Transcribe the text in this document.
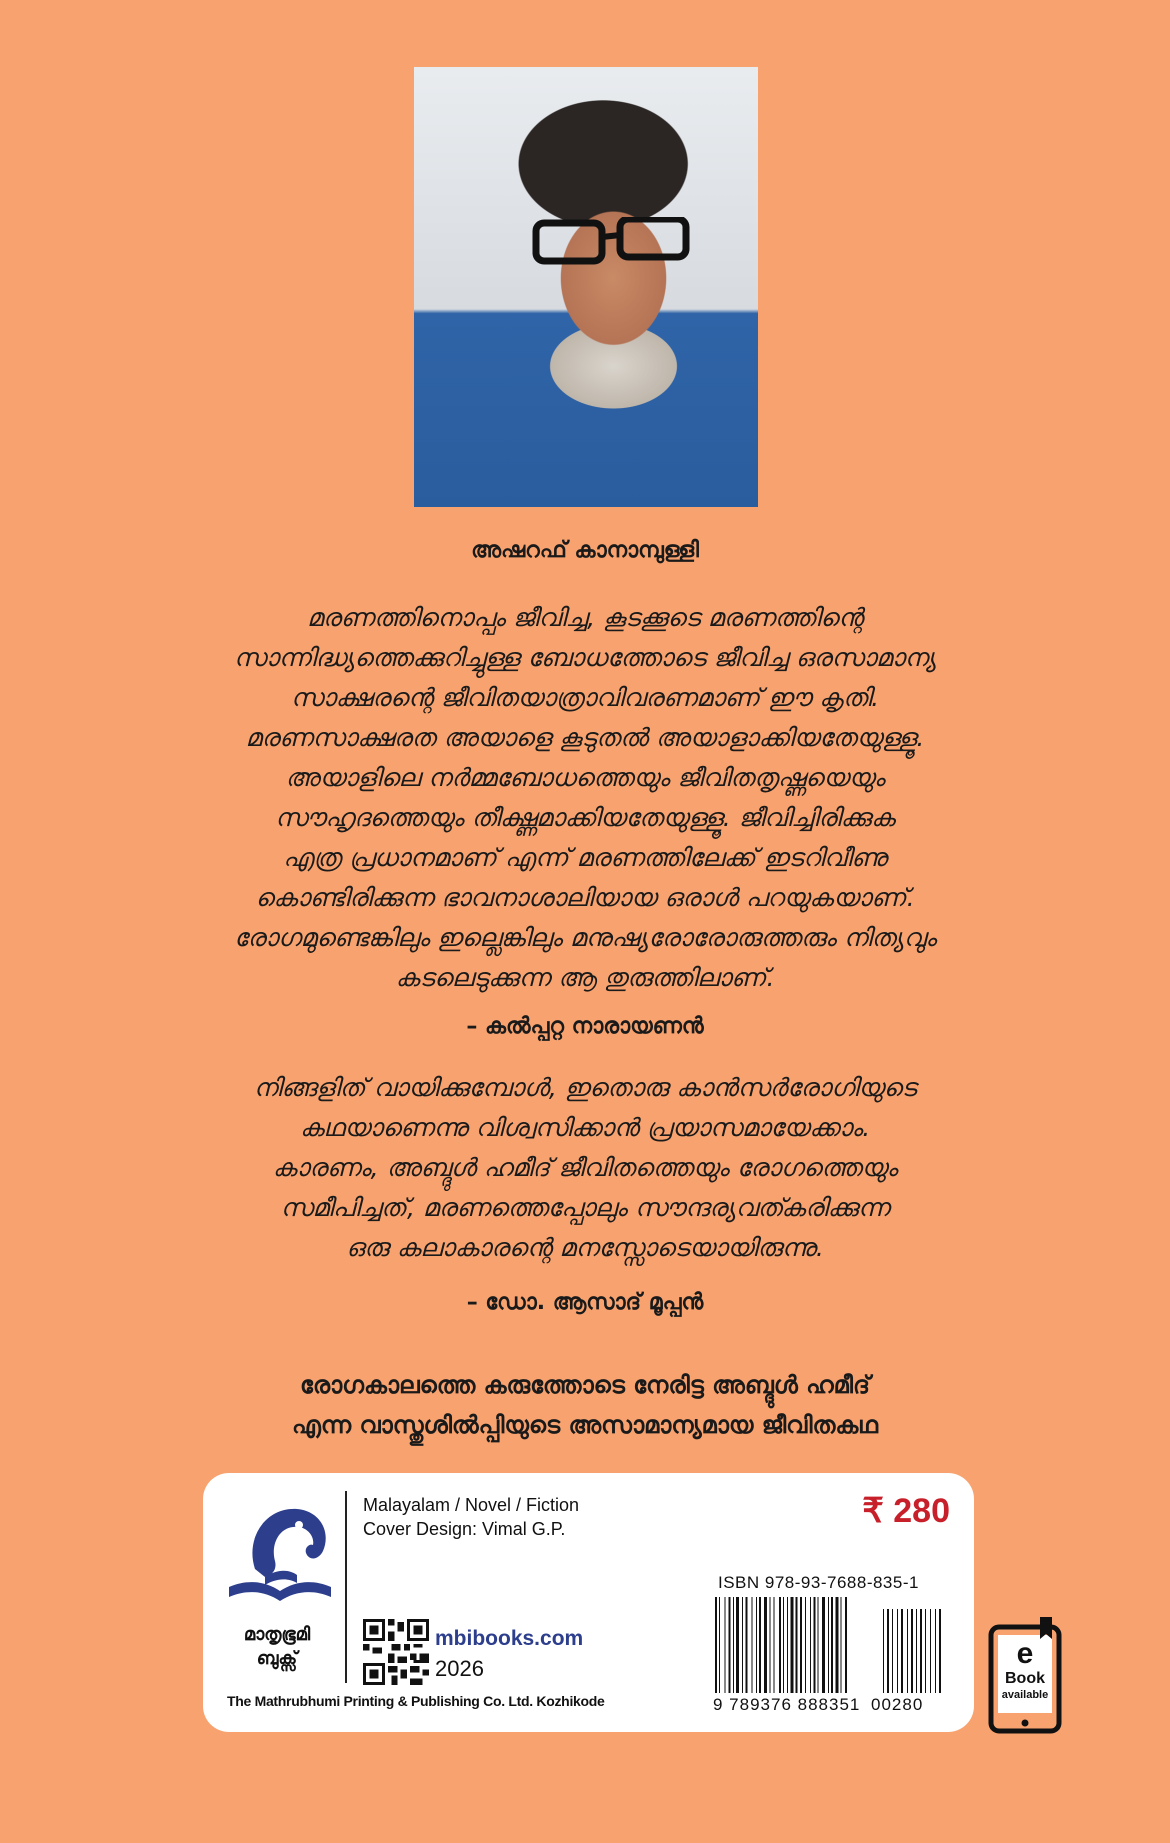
അഷറഫ് കാനാമ്പുള്ളി
മരണത്തിനൊപ്പം ജീവിച്ച, കൂടക്കൂടെ മരണത്തിന്റെ
സാന്നിദ്ധ്യത്തെക്കുറിച്ചുള്ള ബോധത്തോടെ ജീവിച്ച ഒരസാമാന്യ
സാക്ഷരന്റെ ജീവിതയാത്രാവിവരണമാണ് ഈ കൃതി.
മരണസാക്ഷരത അയാളെ കൂടുതൽ അയാളാക്കിയതേയുള്ളൂ.
അയാളിലെ നർമ്മബോധത്തെയും ജീവിതതൃഷ്ണയെയും
സൗഹൃദത്തെയും തീക്ഷ്ണമാക്കിയതേയുള്ളൂ. ജീവിച്ചിരിക്കുക
എത്ര പ്രധാനമാണ് എന്ന് മരണത്തിലേക്ക് ഇടറിവീണു
കൊണ്ടിരിക്കുന്ന ഭാവനാശാലിയായ ഒരാൾ പറയുകയാണ്.
രോഗമുണ്ടെങ്കിലും ഇല്ലെങ്കിലും മനുഷ്യരോരോരുത്തരും നിത്യവും
കടലെടുക്കുന്ന ആ തുരുത്തിലാണ്.
– കൽപ്പറ്റ നാരായണൻ
നിങ്ങളിത് വായിക്കുമ്പോൾ, ഇതൊരു കാൻസർരോഗിയുടെ
കഥയാണെന്നു വിശ്വസിക്കാൻ പ്രയാസമായേക്കാം.
കാരണം, അബ്ദുൾ ഹമീദ് ജീവിതത്തെയും രോഗത്തെയും
സമീപിച്ചത്, മരണത്തെപ്പോലും സൗന്ദര്യവത്കരിക്കുന്ന
ഒരു കലാകാരന്റെ മനസ്സോടെയായിരുന്നു.
– ഡോ. ആസാദ് മൂപ്പൻ
രോഗകാലത്തെ കരുത്തോടെ നേരിട്ട അബ്ദുൾ ഹമീദ്
എന്ന വാസ്തുശിൽപ്പിയുടെ അസാമാന്യമായ ജീവിതകഥ
മാതൃഭൂമി
ബുക്സ്
Malayalam / Novel / Fiction
Cover Design: Vimal G.P.	₹ 280
ISBN 978-93-7688-835-1
mbibooks.com
2026
The Mathrubhumi Printing & Publishing Co. Ltd. Kozhikode	9 789376 888351 00280
e
Book
available
